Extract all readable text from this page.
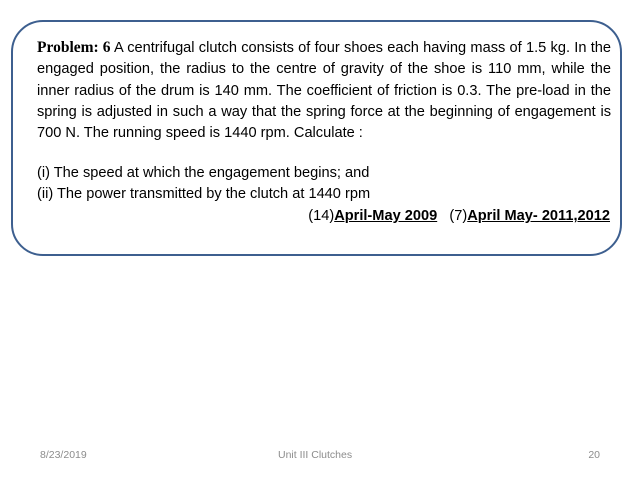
Problem: 6 A centrifugal clutch consists of four shoes each having mass of 1.5 kg. In the engaged position, the radius to the centre of gravity of the shoe is 110 mm, while the inner radius of the drum is 140 mm. The coefficient of friction is 0.3. The pre-load in the spring is adjusted in such a way that the spring force at the beginning of engagement is 700 N. The running speed is 1440 rpm. Calculate :
(i) The speed at which the engagement begins; and
(ii) The power transmitted by the clutch at 1440 rpm
(14)April-May 2009 (7)April May- 2011,2012
8/23/2019	Unit III Clutches	20
